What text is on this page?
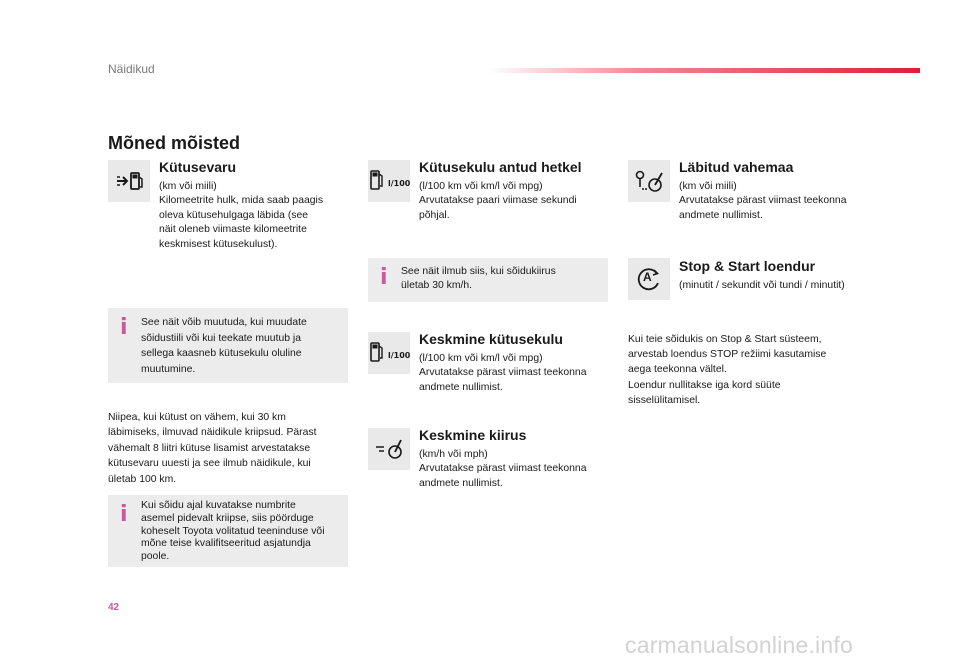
Näidikud
Mõned mõisted
Kütusevaru
(km või miili)
Kilomeetrite hulk, mida saab paagis
oleva kütusehulgaga läbida (see
näit oleneb viimaste kilomeetrite
keskmisest kütusekulust).
i See näit võib muutuda, kui muudate
sõidustiili või kui teekate muutub ja
sellega kaasneb kütusekulu oluline
muutumine.
Niipea, kui kütust on vähem, kui 30 km
läbimiseks, ilmuvad näidikule kriipsud. Pärast
vähemalt 8 liitri kütuse lisamist arvestatakse
kütusevaru uuesti ja see ilmub näidikule, kui
ületab 100 km.
i Kui sõidu ajal kuvatakse numbrite
asemel pidevalt kriipse, siis pöörduge
koheselt Toyota volitatud teeninduse või
mõne teise kvalifitseeritud asjatundja
poole.
l/100
Kütusekulu antud hetkel
(l/100 km või km/l või mpg)
Arvutatakse paari viimase sekundi
põhjal.
i See näit ilmub siis, kui sõidukiirus
ületab 30 km/h.
l/100
Keskmine kütusekulu
(l/100 km või km/l või mpg)
Arvutatakse pärast viimast teekonna
andmete nullimist.
Keskmine kiirus
(km/h või mph)
Arvutatakse pärast viimast teekonna
andmete nullimist.
Läbitud vahemaa
(km või miili)
Arvutatakse pärast viimast teekonna
andmete nullimist.
A
Stop & Start loendur
(minutit / sekundit või tundi / minutit)
Kui teie sõidukis on Stop & Start süsteem,
arvestab loendus STOP režiimi kasutamise
aega teekonna vältel.
Loendur nullitakse iga kord süüte
sisselülitamisel.
42
carmanualsonline.info
